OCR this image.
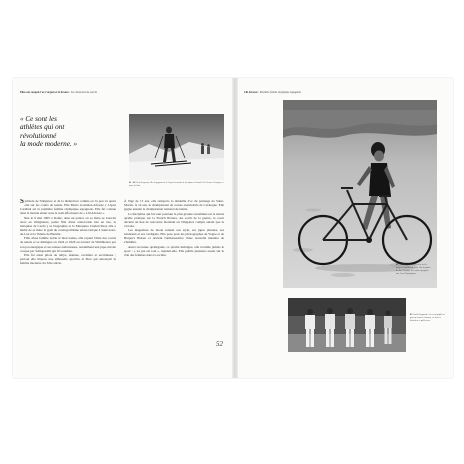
Elles ont conquis l'or, l'argent et le bronze / Les Jeunesses du succès
« Ce sont les
athlètes qui ont
révolutionné
la mode moderne. »
01 – 02 Carla Nogaretti, fille du gagnant de la Coupe du monde de ski alpin au Canada. Lili Alvarez à la plage en tenue de bain.

Symbole de l'élégance et de la distinction comme on l'a peu vu après elle sur les courts de tennis. Elle Maria Gonzalez-Alvarez y López Cardinal est la première femme olympique espagnole. Elle fut connue dans le monde entier sous le nom affectueux de « Lili Alvarez ».

Née le 9 mai 1905 à Rome, dans un palace où sa mère se trouvait alors en villégiature, petite fille d'une aristocratie très en vue, la marquise de Cerdà y sa biographie et la Marquesa Ciudad Real, elle a hérité de sa mère le goût du cosmopolitisme aristocratique à Saint-Jean-de-Luz et la Valette de Biarritz.

Fille d'une famille noble et bien nantie, elle rejoint l'élite des courts de tennis et se distingue en 1924 et 1926 au tournoi de Wimbledon par son jeu énergique et ses tenues audacieuses, notamment une jupe-culotte conçue par Schiaparelli qui fit scandale.

Elle fut aussi pilote de rallye, skieuse, cavalière et escrimeuse ; partout elle imposa une silhouette sportive et libre qui annonçait la femme moderne du XXe siècle.

À l'âge de 13 ans, elle remporte la médaille d'or du patinage de Saint-Moritz. À 14 ans, le championnat de course automobile de Catalogne. Elle gagne ensuite le championnat national de tennis.

La discipline qui lui vaut pourtant la plus grande renommée est le tennis qu'elle pratique sur la French Riviera. Au sortir de la guerre, le court devient un lieu de rencontre mondain où l'élégance compte autant que la victoire.

Les magazines de mode saluent son style, ses jupes plissées, ses bandeaux et ses cardigans. Elle pose pour les photographes de Vogue et de Harper's Bazaar et devient l'ambassadrice d'une nouvelle manière de s'habiller.

Aussi reconnue qu'élégante, ce qu'elle dédaigne, elle n'oublie jamais le sport : « Le jeu est tout », répétait-elle. Elle publie plusieurs essais sur le rôle des femmes dans la société.

52
Lili Alvarez / Première femme olympique espagnole
03 – 04 Lili Alvarez, à vélo sur la plage en maillot de bain. Sur la photo du bas, l'équipe de tennis espagnole aux Jeux Olympiques.
05 Carla Nogaretti et ses coéquipières posent avant le tournoi, en tenues blanches et pull-overs.
